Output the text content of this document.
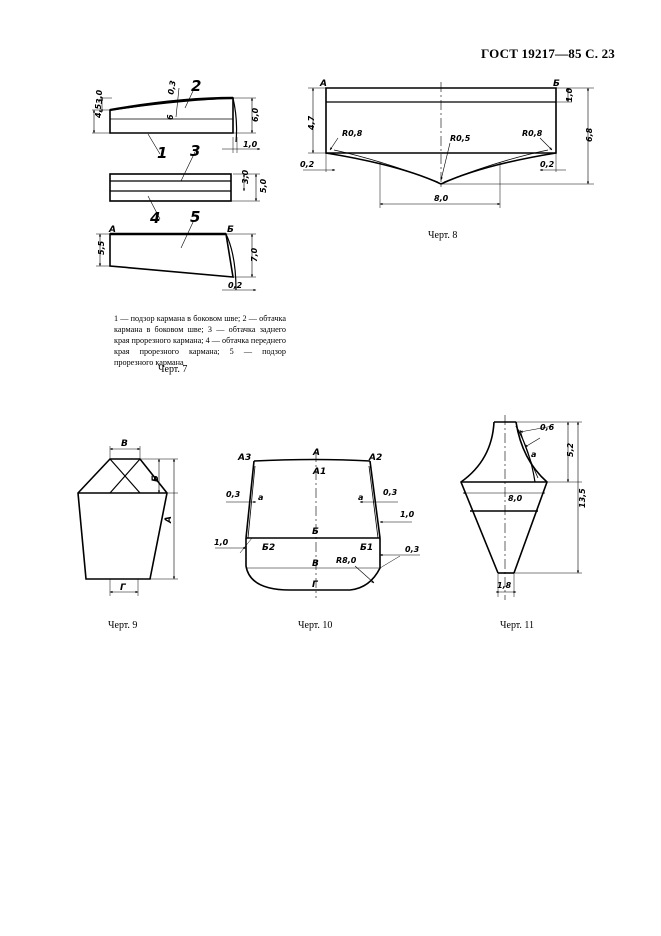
ГОСТ 19217—85 С. 23
4,5
3,0
0,3 2
6	6,0
1,0
1 3
3,0
5,0
4 5
А	Б
5,5	7,0
0,2
А	Б
4,7
1,0
6,8
R0,8
R0,5
R0,8
0,2	0,2
8,0
В
Б
А
Г
А3	А
А1
А2
0,3 а	а
0,3
1,0
Б
1,0
Б2	Б1	0,3
В R8,0
Г
0,6
а	5,2
8,0	13,5
1,8
1 — подзор кармана в боковом шве; 2 — обтачка кармана в боковом шве; 3 — обтачка заднего края прорезного кармана; 4 — обтачка переднего края прорезного кармана; 5 — подзор прорезного кармана
Черт. 7
Черт. 8
Черт. 9	Черт. 10	Черт. 11
